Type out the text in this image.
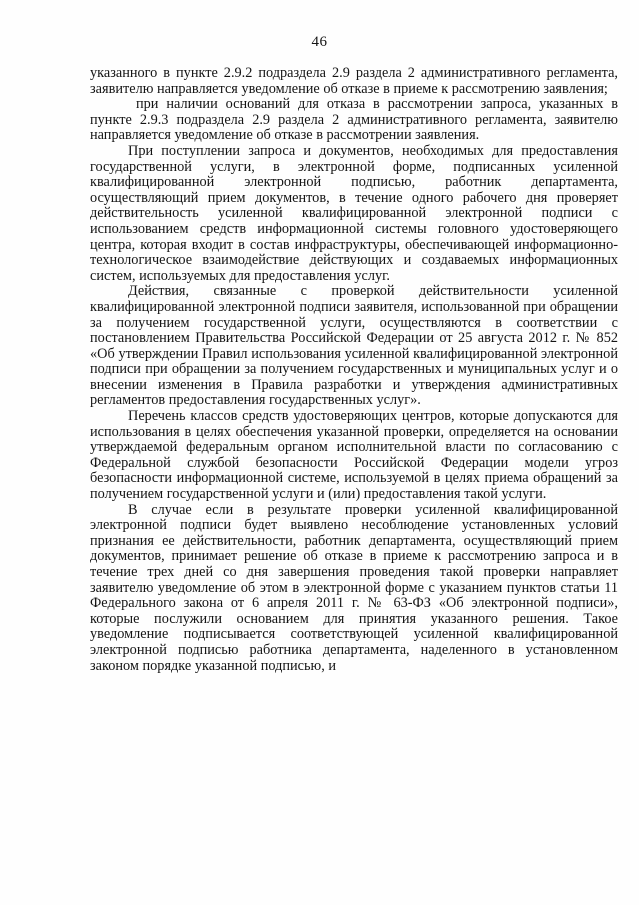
46

указанного в пункте 2.9.2 подраздела 2.9 раздела 2 административного регламента, заявителю направляется уведомление об отказе в приеме к рассмотрению заявления;

при наличии оснований для отказа в рассмотрении запроса, указанных в пункте 2.9.3 подраздела 2.9 раздела 2 административного регламента, заявителю направляется уведомление об отказе в рассмотрении заявления.

При поступлении запроса и документов, необходимых для предоставления государственной услуги, в электронной форме, подписанных усиленной квалифицированной электронной подписью, работник департамента, осуществляющий прием документов, в течение одного рабочего дня проверяет действительность усиленной квалифицированной электронной подписи с использованием средств информационной системы головного удостоверяющего центра, которая входит в состав инфраструктуры, обеспечивающей информационно-технологическое взаимодействие действующих и создаваемых информационных систем, используемых для предоставления услуг.

Действия, связанные с проверкой действительности усиленной квалифицированной электронной подписи заявителя, использованной при обращении за получением государственной услуги, осуществляются в соответствии с постановлением Правительства Российской Федерации от 25 августа 2012 г. № 852 «Об утверждении Правил использования усиленной квалифицированной электронной подписи при обращении за получением государственных и муниципальных услуг и о внесении изменения в Правила разработки и утверждения административных регламентов предоставления государственных услуг».

Перечень классов средств удостоверяющих центров, которые допускаются для использования в целях обеспечения указанной проверки, определяется на основании утверждаемой федеральным органом исполнительной власти по согласованию с Федеральной службой безопасности Российской Федерации модели угроз безопасности информационной системе, используемой в целях приема обращений за получением государственной услуги и (или) предоставления такой услуги.

В случае если в результате проверки усиленной квалифицированной электронной подписи будет выявлено несоблюдение установленных условий признания ее действительности, работник департамента, осуществляющий прием документов, принимает решение об отказе в приеме к рассмотрению запроса и в течение трех дней со дня завершения проведения такой проверки направляет заявителю уведомление об этом в электронной форме с указанием пунктов статьи 11 Федерального закона от 6 апреля 2011 г. № 63-ФЗ «Об электронной подписи», которые послужили основанием для принятия указанного решения. Такое уведомление подписывается соответствующей усиленной квалифицированной электронной подписью работника департамента, наделенного в установленном законом порядке указанной подписью, и
